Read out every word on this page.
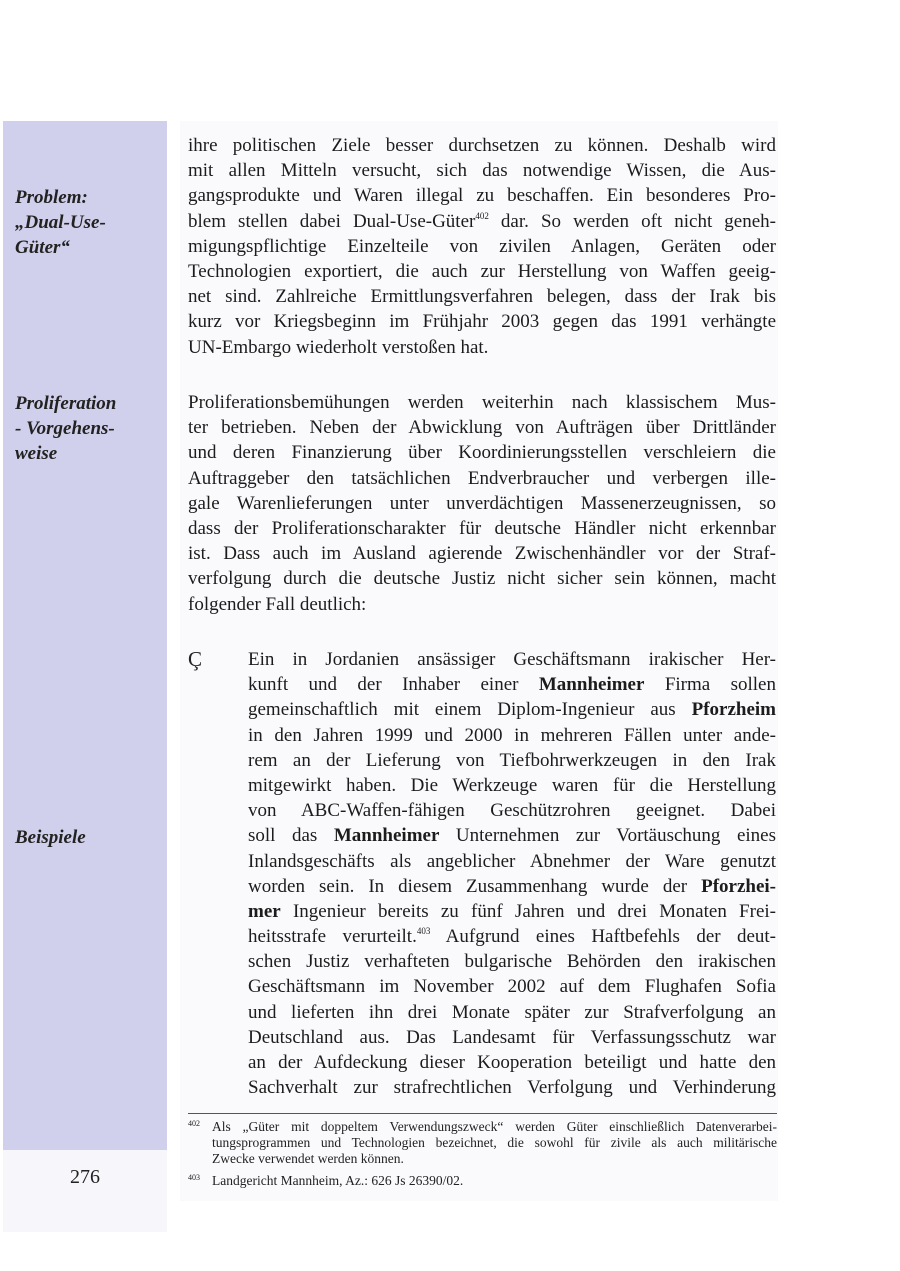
276
Problem:
„Dual-Use-
Güter“
Proliferation
- Vorgehens-
weise
Beispiele
ihre politischen Ziele besser durchsetzen zu können. Deshalb wird
mit allen Mitteln versucht, sich das notwendige Wissen, die Aus-
gangsprodukte und Waren illegal zu beschaffen. Ein besonderes Pro-
blem stellen dabei Dual-Use-Güter$^{402}$ dar. So werden oft nicht geneh-
migungspflichtige Einzelteile von zivilen Anlagen, Geräten oder
Technologien exportiert, die auch zur Herstellung von Waffen geeig-
net sind. Zahlreiche Ermittlungsverfahren belegen, dass der Irak bis
kurz vor Kriegsbeginn im Frühjahr 2003 gegen das 1991 verhängte
UN-Embargo wiederholt verstoßen hat.
Proliferationsbemühungen werden weiterhin nach klassischem Mus-
ter betrieben. Neben der Abwicklung von Aufträgen über Drittländer
und deren Finanzierung über Koordinierungsstellen verschleiern die
Auftraggeber den tatsächlichen Endverbraucher und verbergen ille-
gale Warenlieferungen unter unverdächtigen Massenerzeugnissen, so
dass der Proliferationscharakter für deutsche Händler nicht erkennbar
ist. Dass auch im Ausland agierende Zwischenhändler vor der Straf-
verfolgung durch die deutsche Justiz nicht sicher sein können, macht
folgender Fall deutlich:
Ç Ein in Jordanien ansässiger Geschäftsmann irakischer Her-
kunft und der Inhaber einer Mannheimer Firma sollen
gemeinschaftlich mit einem Diplom-Ingenieur aus Pforzheim
in den Jahren 1999 und 2000 in mehreren Fällen unter ande-
rem an der Lieferung von Tiefbohrwerkzeugen in den Irak
mitgewirkt haben. Die Werkzeuge waren für die Herstellung
von ABC-Waffen-fähigen Geschützrohren geeignet. Dabei
soll das Mannheimer Unternehmen zur Vortäuschung eines
Inlandsgeschäfts als angeblicher Abnehmer der Ware genutzt
worden sein. In diesem Zusammenhang wurde der Pforzhei-
mer Ingenieur bereits zu fünf Jahren und drei Monaten Frei-
heitsstrafe verurteilt.$^{403}$ Aufgrund eines Haftbefehls der deut-
schen Justiz verhafteten bulgarische Behörden den irakischen
Geschäftsmann im November 2002 auf dem Flughafen Sofia
und lieferten ihn drei Monate später zur Strafverfolgung an
Deutschland aus. Das Landesamt für Verfassungsschutz war
an der Aufdeckung dieser Kooperation beteiligt und hatte den
Sachverhalt zur strafrechtlichen Verfolgung und Verhinderung
402 Als „Güter mit doppeltem Verwendungszweck“ werden Güter einschließlich Datenverarbei-
tungsprogrammen und Technologien bezeichnet, die sowohl für zivile als auch militärische
Zwecke verwendet werden können.
403 Landgericht Mannheim, Az.: 626 Js 26390/02.
